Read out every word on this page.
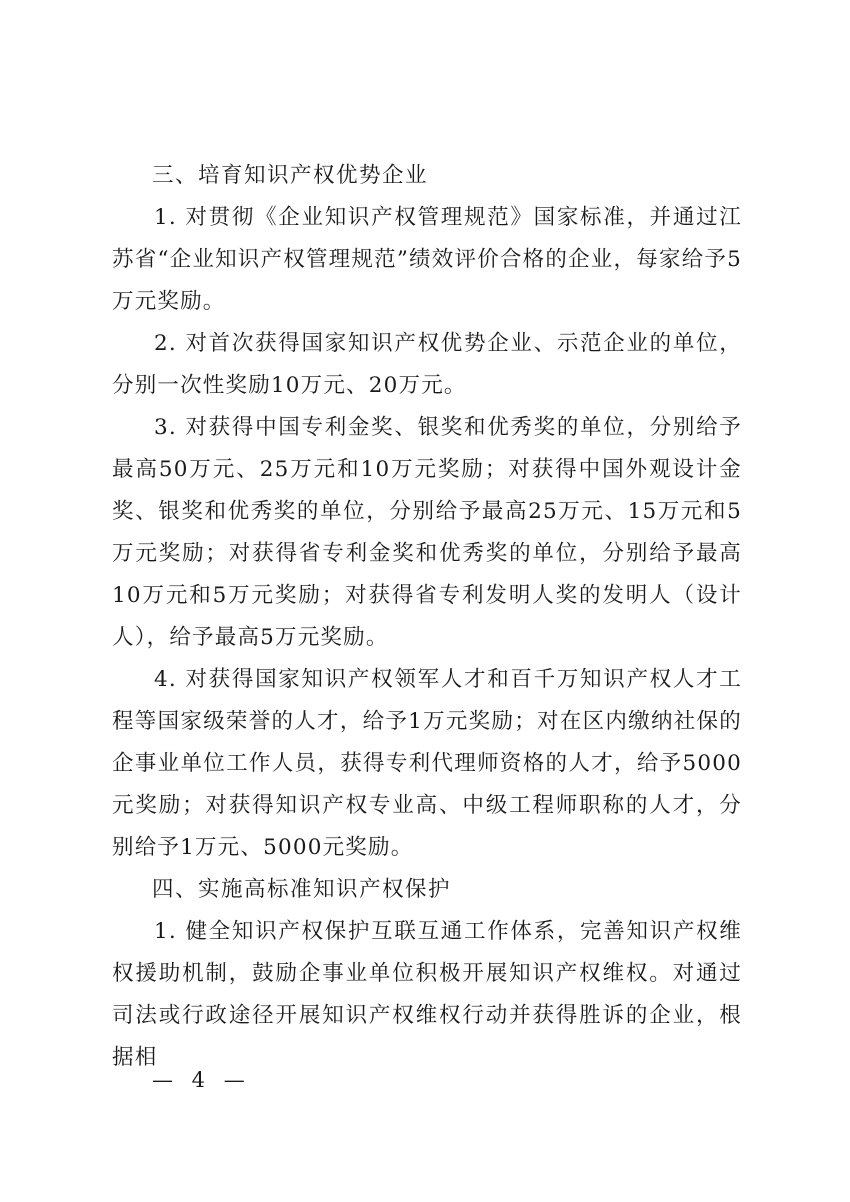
三、培育知识产权优势企业

1. 对贯彻《企业知识产权管理规范》国家标准，并通过江苏省“企业知识产权管理规范”绩效评价合格的企业，每家给予5万元奖励。

2. 对首次获得国家知识产权优势企业、示范企业的单位，分别一次性奖励10万元、20万元。

3. 对获得中国专利金奖、银奖和优秀奖的单位，分别给予最高50万元、25万元和10万元奖励；对获得中国外观设计金奖、银奖和优秀奖的单位，分别给予最高25万元、15万元和5万元奖励；对获得省专利金奖和优秀奖的单位，分别给予最高10万元和5万元奖励；对获得省专利发明人奖的发明人（设计人），给予最高5万元奖励。

4. 对获得国家知识产权领军人才和百千万知识产权人才工程等国家级荣誉的人才，给予1万元奖励；对在区内缴纳社保的企事业单位工作人员，获得专利代理师资格的人才，给予5000元奖励；对获得知识产权专业高、中级工程师职称的人才，分别给予1万元、5000元奖励。

四、实施高标准知识产权保护

1. 健全知识产权保护互联互通工作体系，完善知识产权维权援助机制，鼓励企事业单位积极开展知识产权维权。对通过司法或行政途径开展知识产权维权行动并获得胜诉的企业，根据相

— 4 —
